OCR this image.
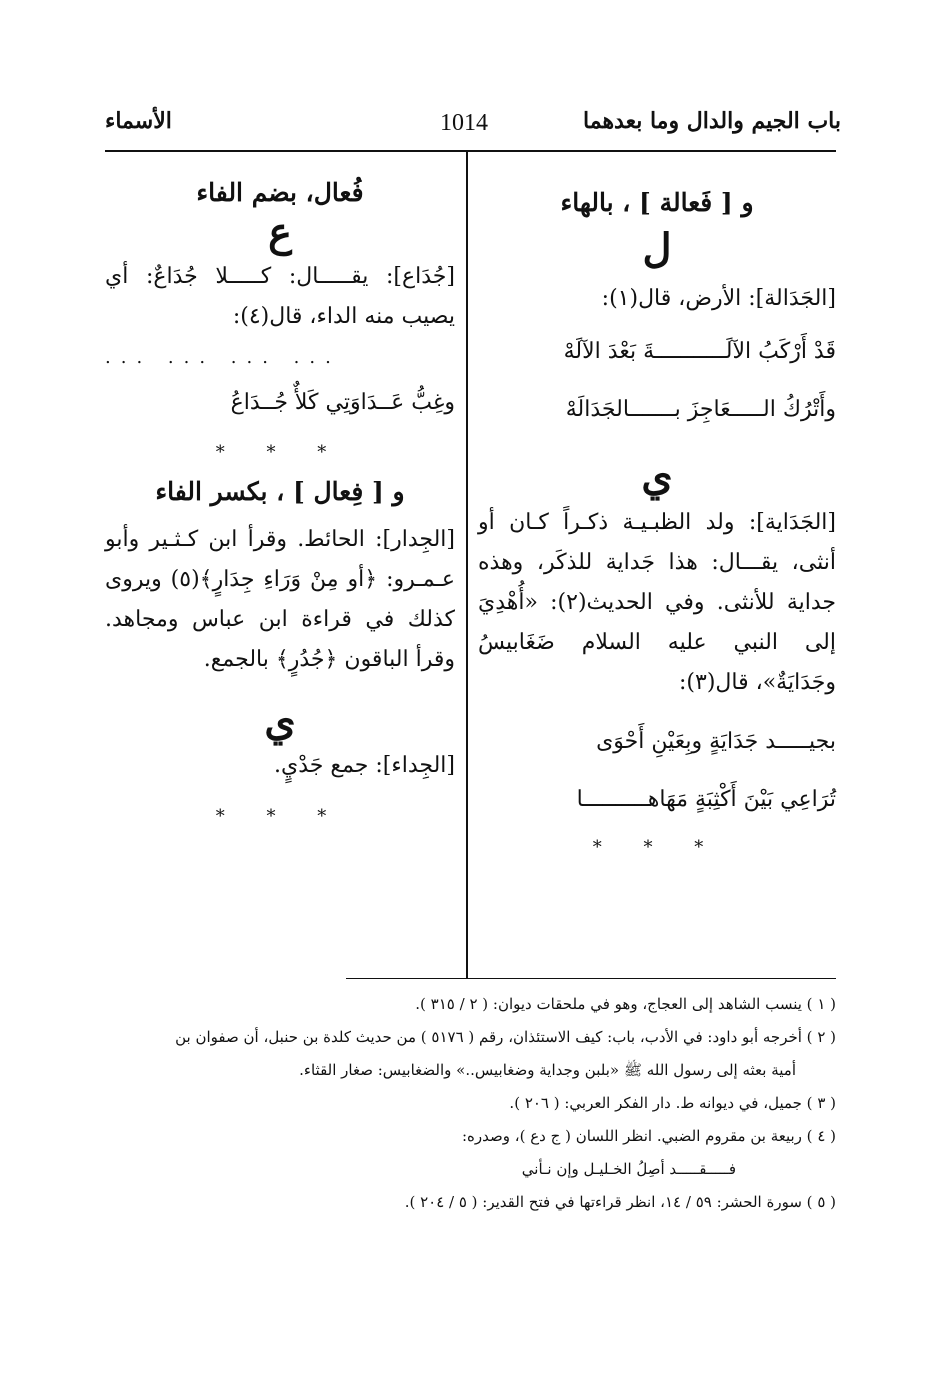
باب الجيم والدال وما بعدهما
1014
الأسماء

و [ فَعالة ] ، بالهاء

ل

[الجَدَالة]: الأرض، قال(١):

قَدْ أَرْكَبُ الآلَـــــــــــةَ بَعْدَ الآلَهْ

وأَتْرُكُ الـــــعَاجِزَ بـــــــالجَدَالَهْ

ي

[الجَدَاية]: ولد الظبـيـة ذكـراً كـان أو أنثى، يقـــال: هذا جَداية للذكَر، وهذه جداية للأنثى. وفي الحديث(٢): «أُهْدِيَ إلى النبي عليه السلام ضَغَابيسُ وجَدَايَةٌ»، قال(٣):

بجيـــــد جَدَايَةٍ وبِعَيْنِ أَحْوَى

تُرَاعِي بَيْنَ أَكْثِبَةٍ مَهَاهــــــــــا

* * *

فُعال، بضم الفاء

ع

[جُدَاع]: يقـــــال: كـــــلا جُدَاعٌ: أي يصيب منه الداء، قال(٤):

... ... ... ...

وغِبُّ عَــدَاوَتِي كَلأٌ جُــدَاعُ

* * *

و [ فِعال ] ، بكسر الفاء

[الجِدار]: الحائط. وقرأ ابن كـثـير وأبو عـمـرو: ﴿أو مِنْ وَرَاءِ جِدَارٍ﴾(٥) ويروى كذلك في قراءة ابن عباس ومجاهد. وقرأ الباقون ﴿جُدُرٍ﴾ بالجمع.

ي

[الجِداء]: جمع جَدْيٍ.

* * *

( ١ ) ينسب الشاهد إلى العجاج، وهو في ملحقات ديوان: ( ٢ / ٣١٥ ).

( ٢ ) أخرجه أبو داود: في الأدب، باب: كيف الاستئذان، رقم ( ٥١٧٦ ) من حديث كلدة بن حنبل، أن صفوان بن

أمية بعثه إلى رسول الله ﷺ «بلبن وجداية وضغابيس..» والضغابيس: صغار القثاء.

( ٣ ) جميل، في ديوانه ط. دار الفكر العربي: ( ٢٠٦ ).

( ٤ ) ربيعة بن مقروم الضبي. انظر اللسان ( ج دع )، وصدره:

فـــــقـــــد أصِلُ الخـليـل وإن نـأني

( ٥ ) سورة الحشر: ٥٩ / ١٤، انظر قراءتها في فتح القدير: ( ٥ / ٢٠٤ ).
